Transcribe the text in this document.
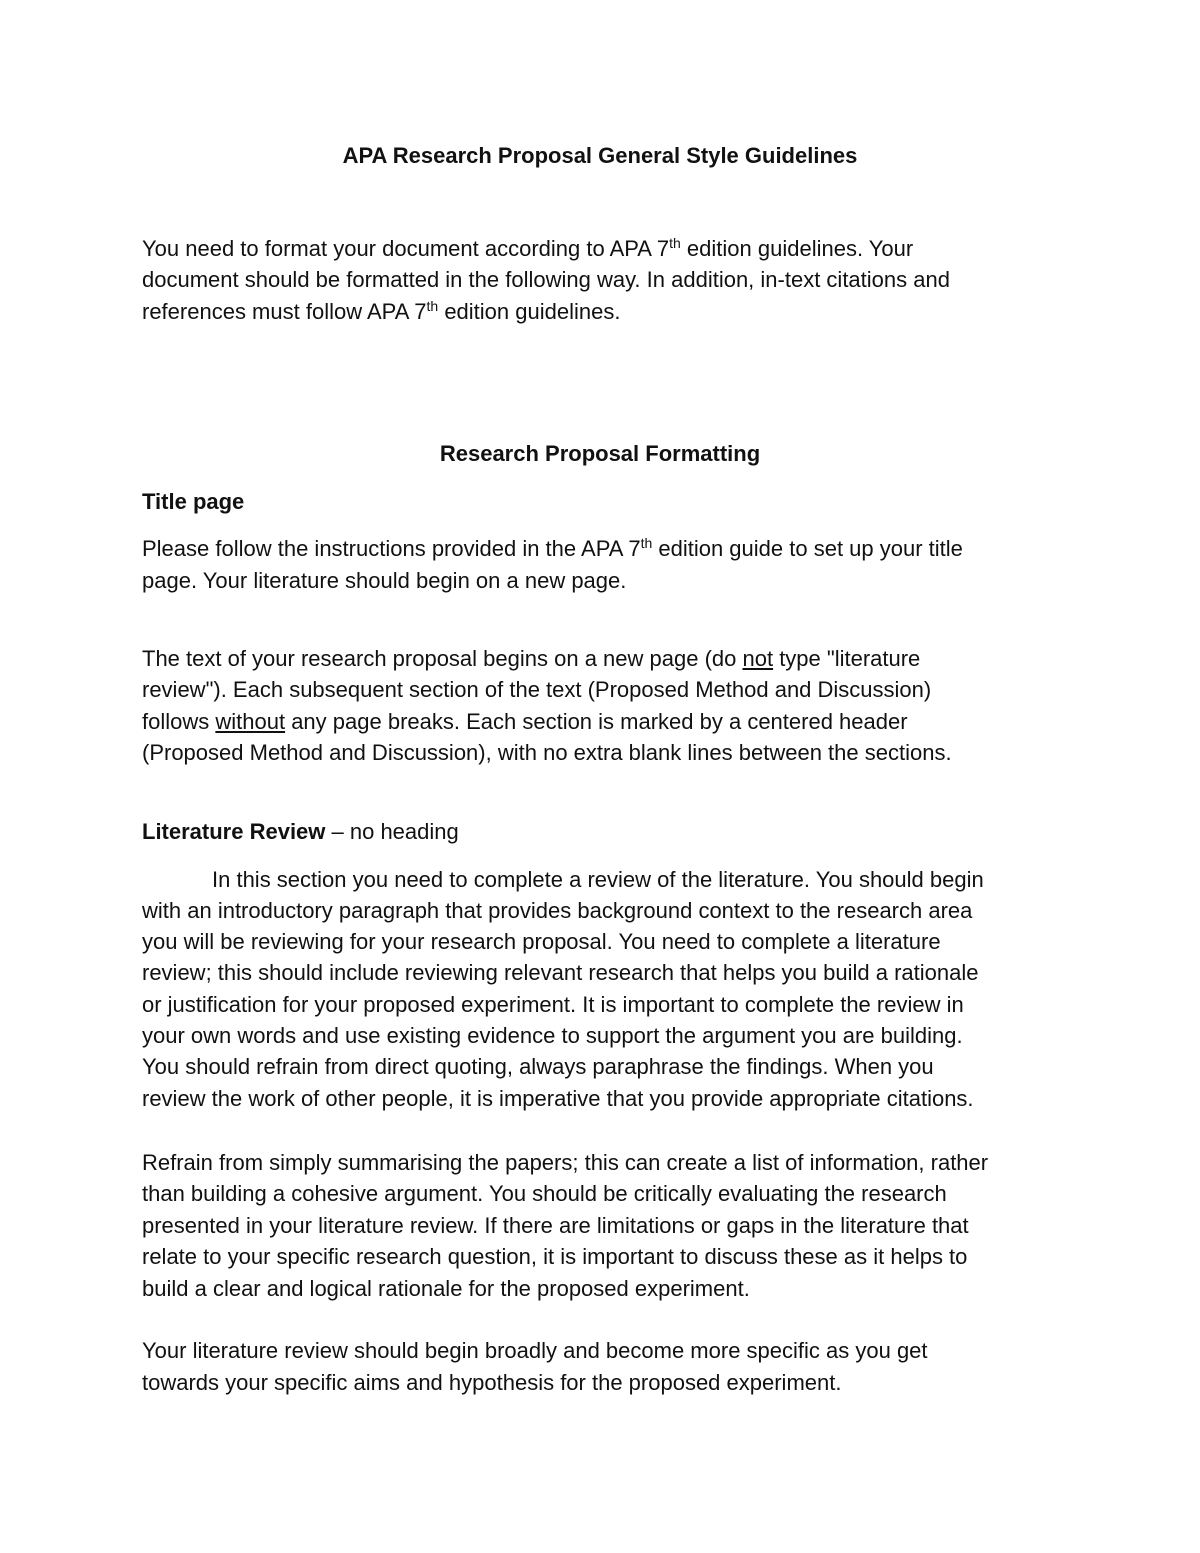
APA Research Proposal General Style Guidelines

You need to format your document according to APA 7th edition guidelines. Your

document should be formatted in the following way. In addition, in-text citations and

references must follow APA 7th edition guidelines.

Research Proposal Formatting

Title page

Please follow the instructions provided in the APA 7th edition guide to set up your title

page. Your literature should begin on a new page.

The text of your research proposal begins on a new page (do not type "literature

review"). Each subsequent section of the text (Proposed Method and Discussion)

follows without any page breaks. Each section is marked by a centered header

(Proposed Method and Discussion), with no extra blank lines between the sections.

Literature Review – no heading

In this section you need to complete a review of the literature. You should begin

with an introductory paragraph that provides background context to the research area

you will be reviewing for your research proposal. You need to complete a literature

review; this should include reviewing relevant research that helps you build a rationale

or justification for your proposed experiment. It is important to complete the review in

your own words and use existing evidence to support the argument you are building.

You should refrain from direct quoting, always paraphrase the findings. When you

review the work of other people, it is imperative that you provide appropriate citations.

Refrain from simply summarising the papers; this can create a list of information, rather

than building a cohesive argument. You should be critically evaluating the research

presented in your literature review. If there are limitations or gaps in the literature that

relate to your specific research question, it is important to discuss these as it helps to

build a clear and logical rationale for the proposed experiment.

Your literature review should begin broadly and become more specific as you get

towards your specific aims and hypothesis for the proposed experiment.
